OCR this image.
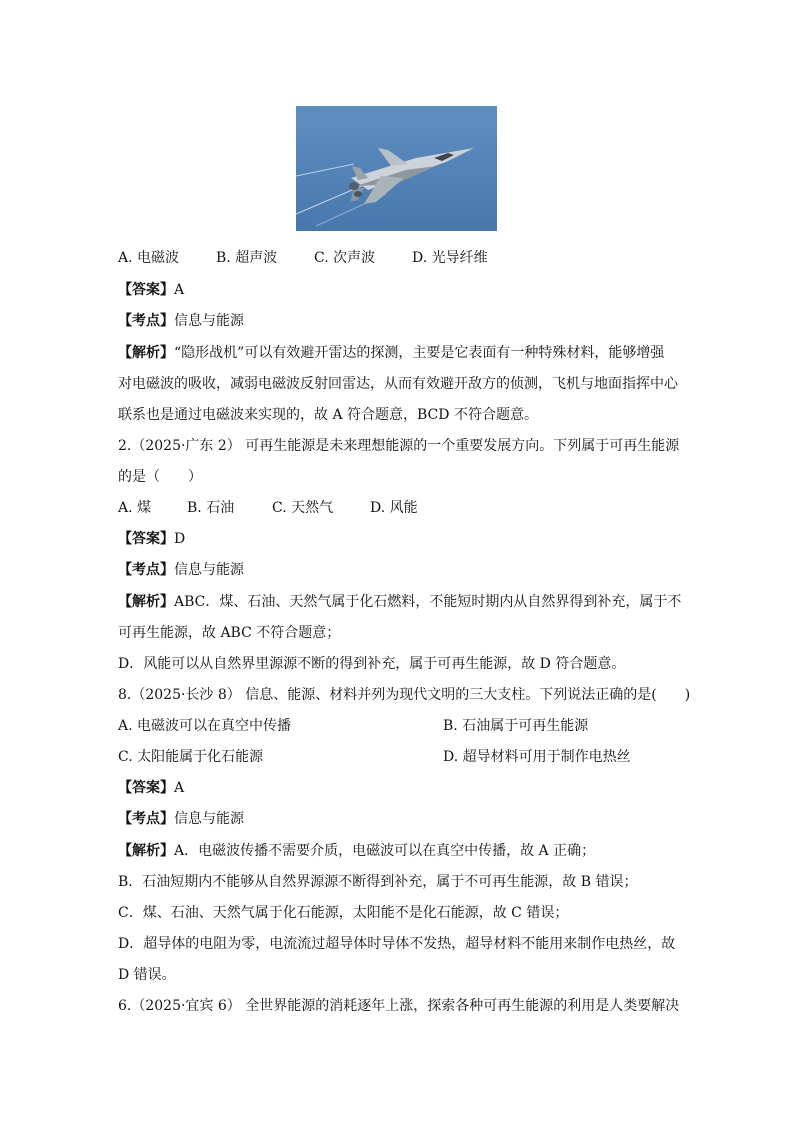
A. 电磁波	B. 超声波	C. 次声波	D. 光导纤维
【答案】A
【考点】信息与能源
【解析】“隐形战机”可以有效避开雷达的探测，主要是它表面有一种特殊材料，能够增强
对电磁波的吸收，减弱电磁波反射回雷达，从而有效避开敌方的侦测，飞机与地面指挥中心
联系也是通过电磁波来实现的，故 A 符合题意，BCD 不符合题意。
2.（2025·广东 2） 可再生能源是未来理想能源的一个重要发展方向。下列属于可再生能源
的是（　　）
A. 煤	B. 石油	C. 天然气	D. 风能
【答案】D
【考点】信息与能源
【解析】ABC．煤、石油、天然气属于化石燃料，不能短时期内从自然界得到补充，属于不
可再生能源，故 ABC 不符合题意；
D．风能可以从自然界里源源不断的得到补充，属于可再生能源，故 D 符合题意。
8.（2025·长沙 8） 信息、能源、材料并列为现代文明的三大支柱。下列说法正确的是(　　)
A. 电磁波可以在真空中传播	B. 石油属于可再生能源
C. 太阳能属于化石能源	D. 超导材料可用于制作电热丝
【答案】A
【考点】信息与能源
【解析】A．电磁波传播不需要介质，电磁波可以在真空中传播，故 A 正确；
B．石油短期内不能够从自然界源源不断得到补充，属于不可再生能源，故 B 错误；
C．煤、石油、天然气属于化石能源，太阳能不是化石能源，故 C 错误；
D．超导体的电阻为零，电流流过超导体时导体不发热，超导材料不能用来制作电热丝，故
D 错误。
6.（2025·宜宾 6） 全世界能源的消耗逐年上涨，探索各种可再生能源的利用是人类要解决
